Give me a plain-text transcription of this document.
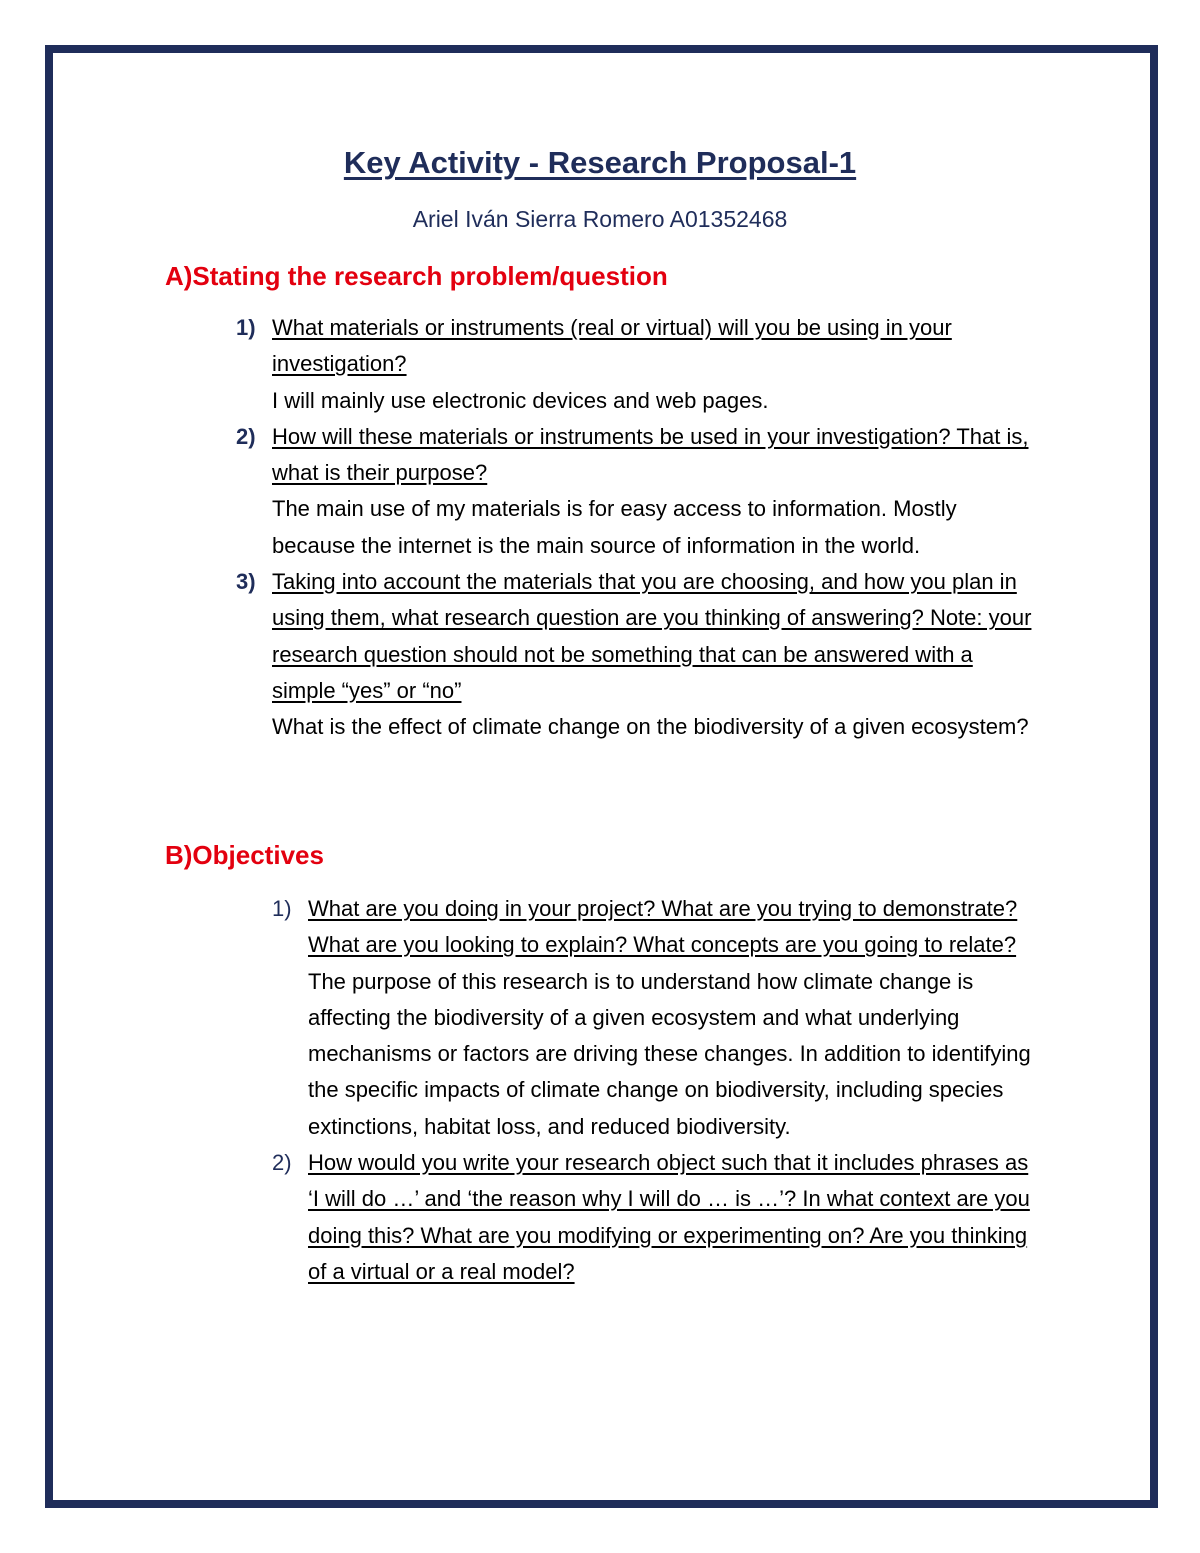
Key Activity - Research Proposal-1
Ariel Iván Sierra Romero A01352468
A)Stating the research problem/question
1) What materials or instruments (real or virtual) will you be using in your investigation?
I will mainly use electronic devices and web pages.
2) How will these materials or instruments be used in your investigation? That is, what is their purpose?
The main use of my materials is for easy access to information. Mostly because the internet is the main source of information in the world.
3) Taking into account the materials that you are choosing, and how you plan in using them, what research question are you thinking of answering? Note: your research question should not be something that can be answered with a simple “yes” or “no”
What is the effect of climate change on the biodiversity of a given ecosystem?
B)Objectives
1) What are you doing in your project? What are you trying to demonstrate? What are you looking to explain? What concepts are you going to relate?
The purpose of this research is to understand how climate change is affecting the biodiversity of a given ecosystem and what underlying mechanisms or factors are driving these changes. In addition to identifying the specific impacts of climate change on biodiversity, including species extinctions, habitat loss, and reduced biodiversity.
2) How would you write your research object such that it includes phrases as ‘I will do …’ and ‘the reason why I will do … is …’? In what context are you doing this? What are you modifying or experimenting on? Are you thinking of a virtual or a real model?
